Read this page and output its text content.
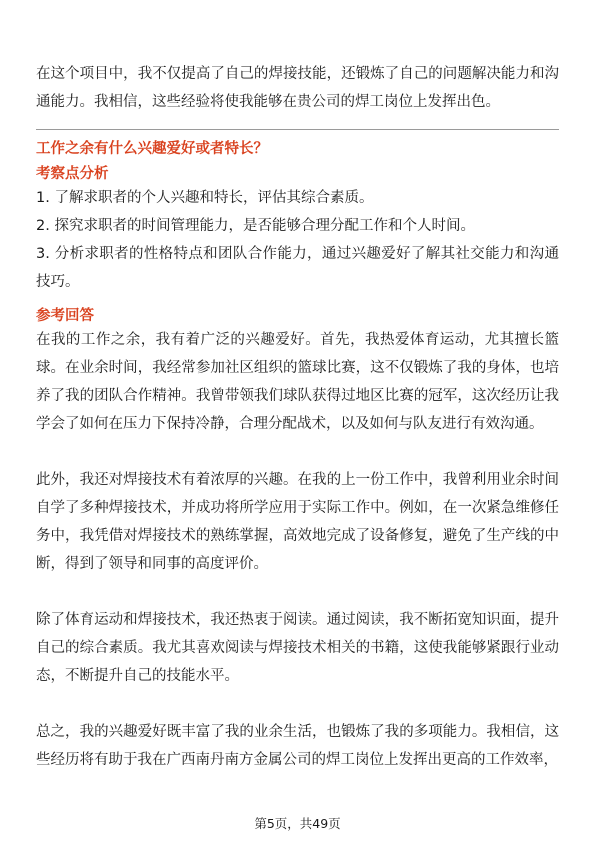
在这个项目中，我不仅提高了自己的焊接技能，还锻炼了自己的问题解决能力和沟通能力。我相信，这些经验将使我能够在贵公司的焊工岗位上发挥出色。

工作之余有什么兴趣爱好或者特长？

考察点分析

1. 了解求职者的个人兴趣和特长，评估其综合素质。

2. 探究求职者的时间管理能力，是否能够合理分配工作和个人时间。

3. 分析求职者的性格特点和团队合作能力，通过兴趣爱好了解其社交能力和沟通技巧。

参考回答

在我的工作之余，我有着广泛的兴趣爱好。首先，我热爱体育运动，尤其擅长篮球。在业余时间，我经常参加社区组织的篮球比赛，这不仅锻炼了我的身体，也培养了我的团队合作精神。我曾带领我们球队获得过地区比赛的冠军，这次经历让我学会了如何在压力下保持冷静，合理分配战术，以及如何与队友进行有效沟通。

此外，我还对焊接技术有着浓厚的兴趣。在我的上一份工作中，我曾利用业余时间自学了多种焊接技术，并成功将所学应用于实际工作中。例如，在一次紧急维修任务中，我凭借对焊接技术的熟练掌握，高效地完成了设备修复，避免了生产线的中断，得到了领导和同事的高度评价。

除了体育运动和焊接技术，我还热衷于阅读。通过阅读，我不断拓宽知识面，提升自己的综合素质。我尤其喜欢阅读与焊接技术相关的书籍，这使我能够紧跟行业动态，不断提升自己的技能水平。

总之，我的兴趣爱好既丰富了我的业余生活，也锻炼了我的多项能力。我相信，这些经历将有助于我在广西南丹南方金属公司的焊工岗位上发挥出更高的工作效率，

第5页，共49页
